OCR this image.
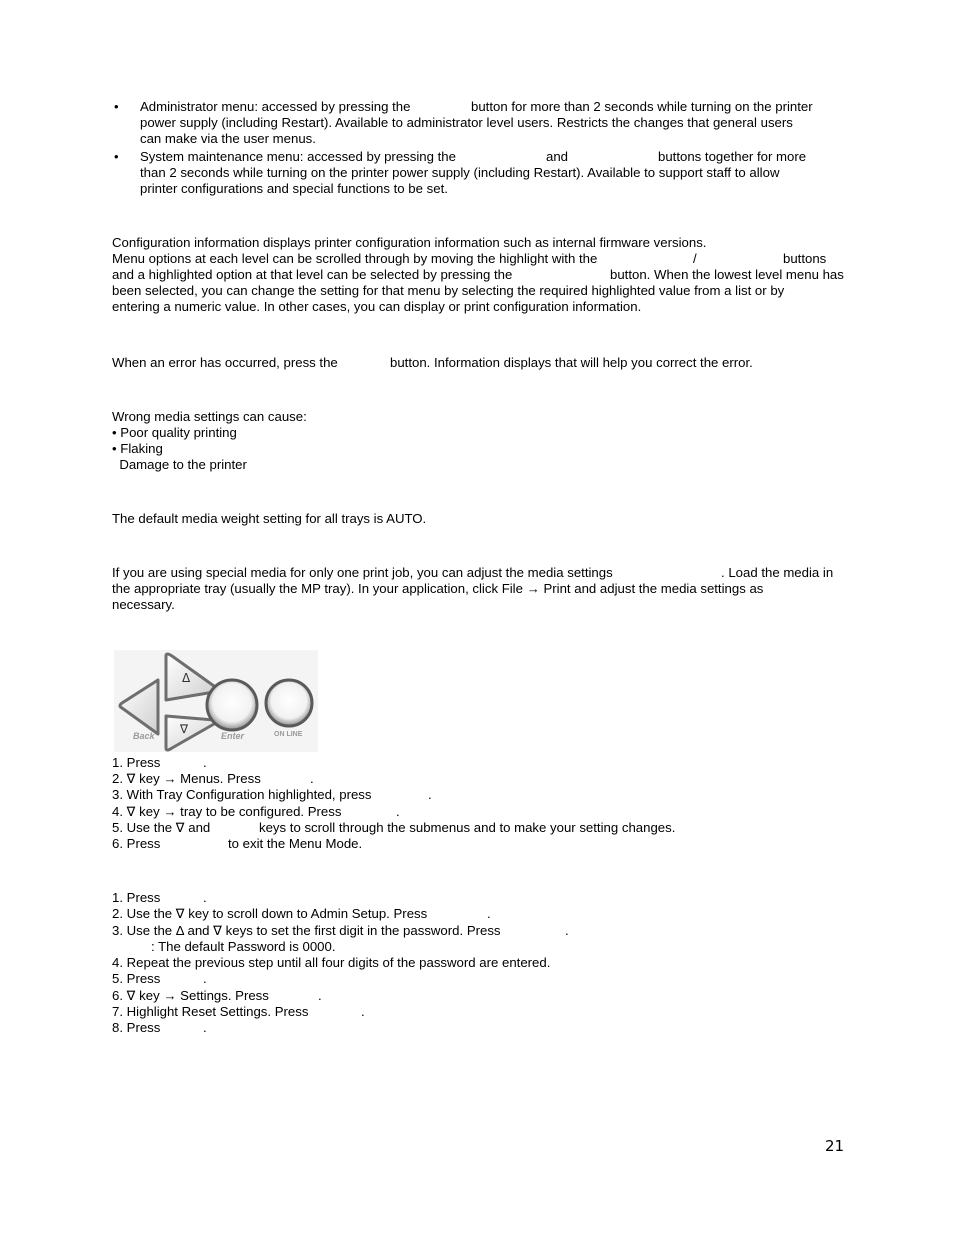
• Administrator menu: accessed by pressing the	button for more than 2 seconds while turning on the printer
power supply (including Restart). Available to administrator level users. Restricts the changes that general users
can make via the user menus.
• System maintenance menu: accessed by pressing the	and	buttons together for more
than 2 seconds while turning on the printer power supply (including Restart). Available to support staff to allow
printer configurations and special functions to be set.
Configuration information displays printer configuration information such as internal firmware versions.
Menu options at each level can be scrolled through by moving the highlight with the	/	buttons
and a highlighted option at that level can be selected by pressing the	button. When the lowest level menu has
been selected, you can change the setting for that menu by selecting the required highlighted value from a list or by
entering a numeric value. In other cases, you can display or print configuration information.
When an error has occurred, press the	button. Information displays that will help you correct the error.
Wrong media settings can cause:
• Poor quality printing
• Flaking
Damage to the printer
The default media weight setting for all trays is AUTO.
If you are using special media for only one print job, you can adjust the media settings	. Load the media in
the appropriate tray (usually the MP tray). In your application, click File → Print and adjust the media settings as
necessary.
Δ
∇
Back	Enter	ON LINE
1. Press	.
2. ∇ key → Menus. Press	.
3. With Tray Configuration highlighted, press	.
4. ∇ key → tray to be configured. Press	.
5. Use the ∇ and	keys to scroll through the submenus and to make your setting changes.
6. Press	to exit the Menu Mode.
1. Press	.
2. Use the ∇ key to scroll down to Admin Setup. Press	.
3. Use the Δ and ∇ keys to set the first digit in the password. Press	.
: The default Password is 0000.
4. Repeat the previous step until all four digits of the password are entered.
5. Press	.
6. ∇ key → Settings. Press	.
7. Highlight Reset Settings. Press	.
8. Press	.
21
